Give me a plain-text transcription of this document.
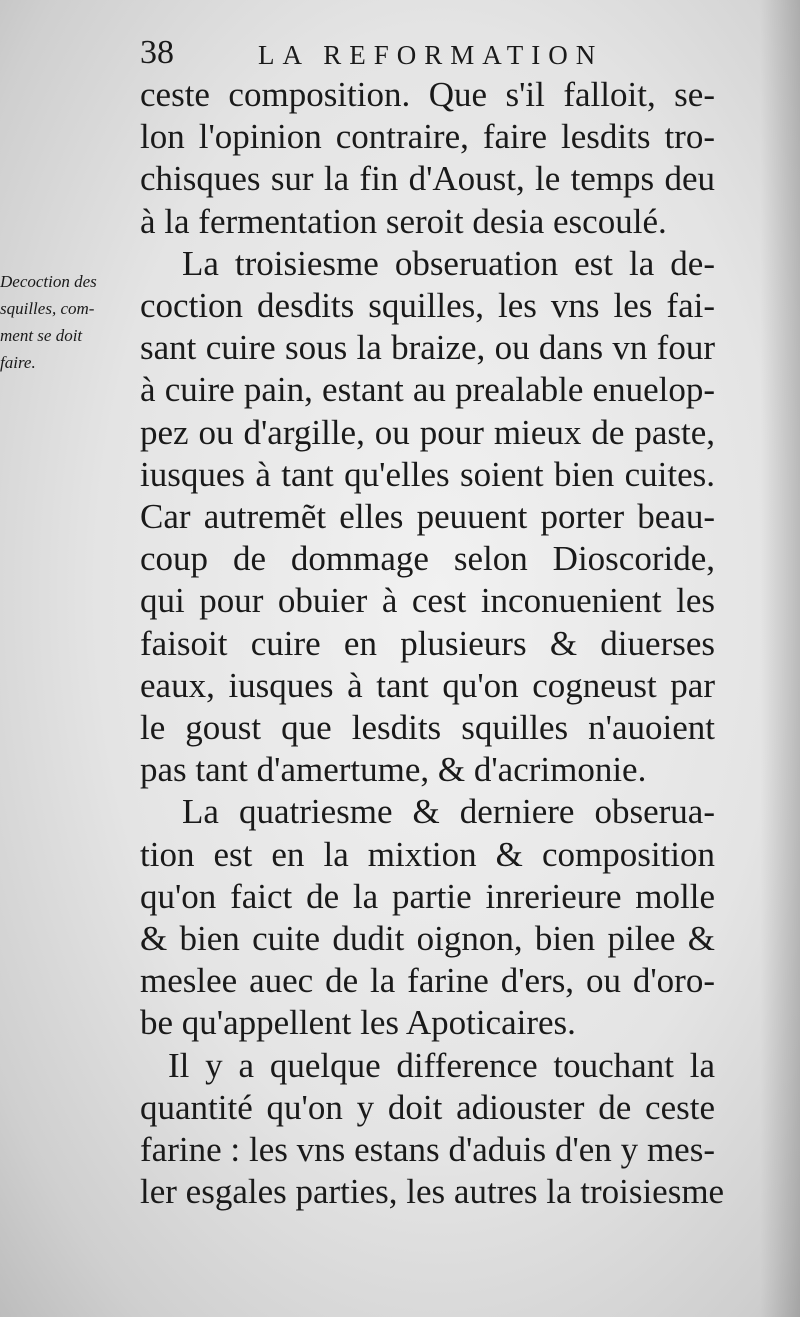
38	LA REFORMATION
Decoction des
squilles, com-
ment se doit
faire.
ceste composition. Que s'il falloit, se-
lon l'opinion contraire, faire lesdits tro-
chisques sur la fin d'Aoust, le temps deu
à la fermentation seroit desia escoulé.
La troisiesme obseruation est la de-
coction desdits squilles, les vns les fai-
sant cuire sous la braize, ou dans vn four
à cuire pain, estant au prealable enuelop-
pez ou d'argille, ou pour mieux de paste,
iusques à tant qu'elles soient bien cuites.
Car autremẽt elles peuuent porter beau-
coup de dommage selon Dioscoride,
qui pour obuier à cest inconuenient les
faisoit cuire en plusieurs & diuerses
eaux, iusques à tant qu'on cogneust par
le goust que lesdits squilles n'auoient
pas tant d'amertume, & d'acrimonie.
La quatriesme & derniere obserua-
tion est en la mixtion & composition
qu'on faict de la partie inrerieure molle
& bien cuite dudit oignon, bien pilee &
meslee auec de la farine d'ers, ou d'oro-
be qu'appellent les Apoticaires.
Il y a quelque difference touchant la
quantité qu'on y doit adiouster de ceste
farine : les vns estans d'aduis d'en y mes-
ler esgales parties, les autres la troisiesme
